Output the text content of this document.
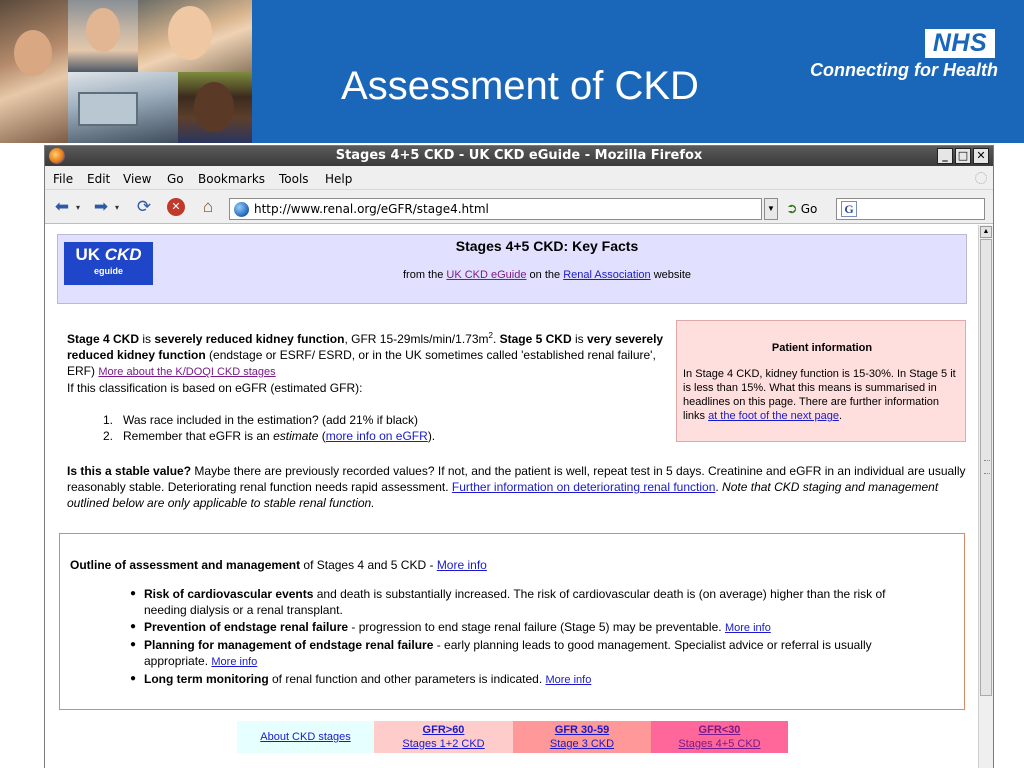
Assessment of CKD
NHS
Connecting for Health
Stages 4+5 CKD - UK CKD eGuide - Mozilla Firefox	_ □ ✕
File Edit View Go Bookmarks Tools Help
⬅ ▾ ➡ ▾ ⟳	✕	⌂
http://www.renal.org/eGFR/stage4.html	▼ ➲ Go G
UK CKD
eguide
Stages 4+5 CKD: Key Facts
from the UK CKD eGuide on the Renal Association website
Stage 4 CKD is severely reduced kidney function, GFR $15-29mls/\min/1.73m^2$. Stage 5 CKD is very severely reduced kidney function (endstage or ESRF/ ESRD, or in the UK sometimes called 'established renal failure', ERF) More about the K/DOQI CKD stages
If this classification is based on eGFR (estimated GFR):
1. Was race included in the estimation? (add 21% if black)
2. Remember that eGFR is an estimate (more info on eGFR).
Patient information
In Stage 4 CKD, kidney function is 15-30%. In Stage 5 it is less than 15%. What this means is summarised in headlines on this page. There are further information links at the foot of the next page.
Is this a stable value? Maybe there are previously recorded values? If not, and the patient is well, repeat test in 5 days. Creatinine and eGFR in an individual are usually reasonably stable. Deteriorating renal function needs rapid assessment. Further information on deteriorating renal function. Note that CKD staging and management outlined below are only applicable to stable renal function.
Outline of assessment and management of Stages 4 and 5 CKD - More info
● Risk of cardiovascular events and death is substantially increased. The risk of cardiovascular death is (on average) higher than the risk of needing dialysis or a renal transplant.
● Prevention of endstage renal failure - progression to end stage renal failure (Stage 5) may be preventable. More info
● Planning for management of endstage renal failure - early planning leads to good management. Specialist advice or referral is usually appropriate. More info
● Long term monitoring of renal function and other parameters is indicated. More info
About CKD stages
GFR>60
Stages 1+2 CKD
GFR 30-59
Stage 3 CKD
GFR<30
Stages 4+5 CKD
▲
